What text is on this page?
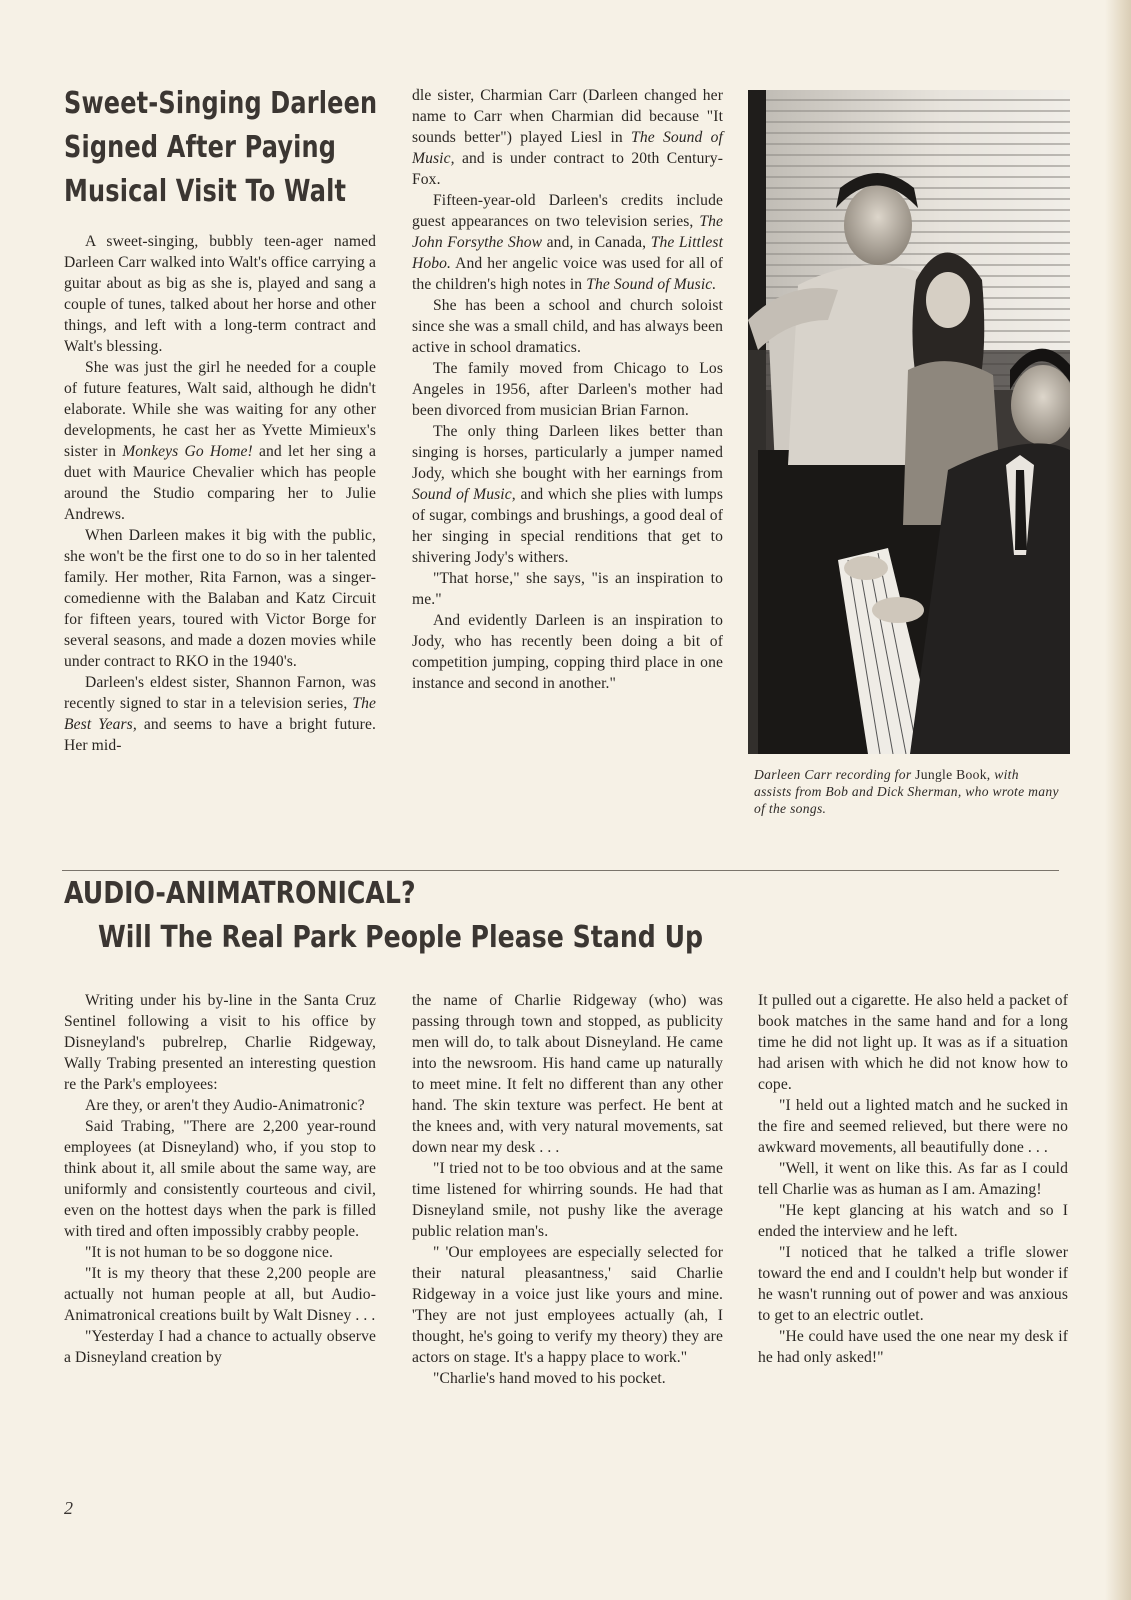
Sweet-Singing Darleen
Signed After Paying
Musical Visit To Walt

A sweet-singing, bubbly teen-ager named Darleen Carr walked into Walt's office carrying a guitar about as big as she is, played and sang a couple of tunes, talked about her horse and other things, and left with a long-term contract and Walt's blessing.

She was just the girl he needed for a couple of future features, Walt said, although he didn't elaborate. While she was waiting for any other developments, he cast her as Yvette Mimieux's sister in Monkeys Go Home! and let her sing a duet with Maurice Chevalier which has people around the Studio comparing her to Julie Andrews.

When Darleen makes it big with the public, she won't be the first one to do so in her talented family. Her mother, Rita Farnon, was a singer-comedienne with the Balaban and Katz Circuit for fifteen years, toured with Victor Borge for several seasons, and made a dozen movies while under contract to RKO in the 1940's.

Darleen's eldest sister, Shannon Farnon, was recently signed to star in a television series, The Best Years, and seems to have a bright future. Her mid-

dle sister, Charmian Carr (Darleen changed her name to Carr when Charmian did because "It sounds better") played Liesl in The Sound of Music, and is under contract to 20th Century-Fox.

Fifteen-year-old Darleen's credits include guest appearances on two television series, The John Forsythe Show and, in Canada, The Littlest Hobo. And her angelic voice was used for all of the children's high notes in The Sound of Music.

She has been a school and church soloist since she was a small child, and has always been active in school dramatics.

The family moved from Chicago to Los Angeles in 1956, after Darleen's mother had been divorced from musician Brian Farnon.

The only thing Darleen likes better than singing is horses, particularly a jumper named Jody, which she bought with her earnings from Sound of Music, and which she plies with lumps of sugar, combings and brushings, a good deal of her singing in special renditions that get to shivering Jody's withers.

"That horse," she says, "is an inspiration to me."

And evidently Darleen is an inspiration to Jody, who has recently been doing a bit of competition jumping, copping third place in one instance and second in another."

Darleen Carr recording for Jungle Book, with assists from Bob and Dick Sherman, who wrote many of the songs.
AUDIO-ANIMATRONICAL?
Will The Real Park People Please Stand Up

Writing under his by-line in the Santa Cruz Sentinel following a visit to his office by Disneyland's pubrelrep, Charlie Ridgeway, Wally Trabing presented an interesting question re the Park's employees:

Are they, or aren't they Audio-Animatronic?

Said Trabing, "There are 2,200 year-round employees (at Disneyland) who, if you stop to think about it, all smile about the same way, are uniformly and consistently courteous and civil, even on the hottest days when the park is filled with tired and often impossibly crabby people.

"It is not human to be so doggone nice.

"It is my theory that these 2,200 people are actually not human people at all, but Audio-Animatronical creations built by Walt Disney . . .

"Yesterday I had a chance to actually observe a Disneyland creation by

the name of Charlie Ridgeway (who) was passing through town and stopped, as publicity men will do, to talk about Disneyland. He came into the newsroom. His hand came up naturally to meet mine. It felt no different than any other hand. The skin texture was perfect. He bent at the knees and, with very natural movements, sat down near my desk . . .

"I tried not to be too obvious and at the same time listened for whirring sounds. He had that Disneyland smile, not pushy like the average public relation man's.

" 'Our employees are especially selected for their natural pleasantness,' said Charlie Ridgeway in a voice just like yours and mine. 'They are not just employees actually (ah, I thought, he's going to verify my theory) they are actors on stage. It's a happy place to work."

"Charlie's hand moved to his pocket.

It pulled out a cigarette. He also held a packet of book matches in the same hand and for a long time he did not light up. It was as if a situation had arisen with which he did not know how to cope.

"I held out a lighted match and he sucked in the fire and seemed relieved, but there were no awkward movements, all beautifully done . . .

"Well, it went on like this. As far as I could tell Charlie was as human as I am. Amazing!

"He kept glancing at his watch and so I ended the interview and he left.

"I noticed that he talked a trifle slower toward the end and I couldn't help but wonder if he wasn't running out of power and was anxious to get to an electric outlet.

"He could have used the one near my desk if he had only asked!"

2
